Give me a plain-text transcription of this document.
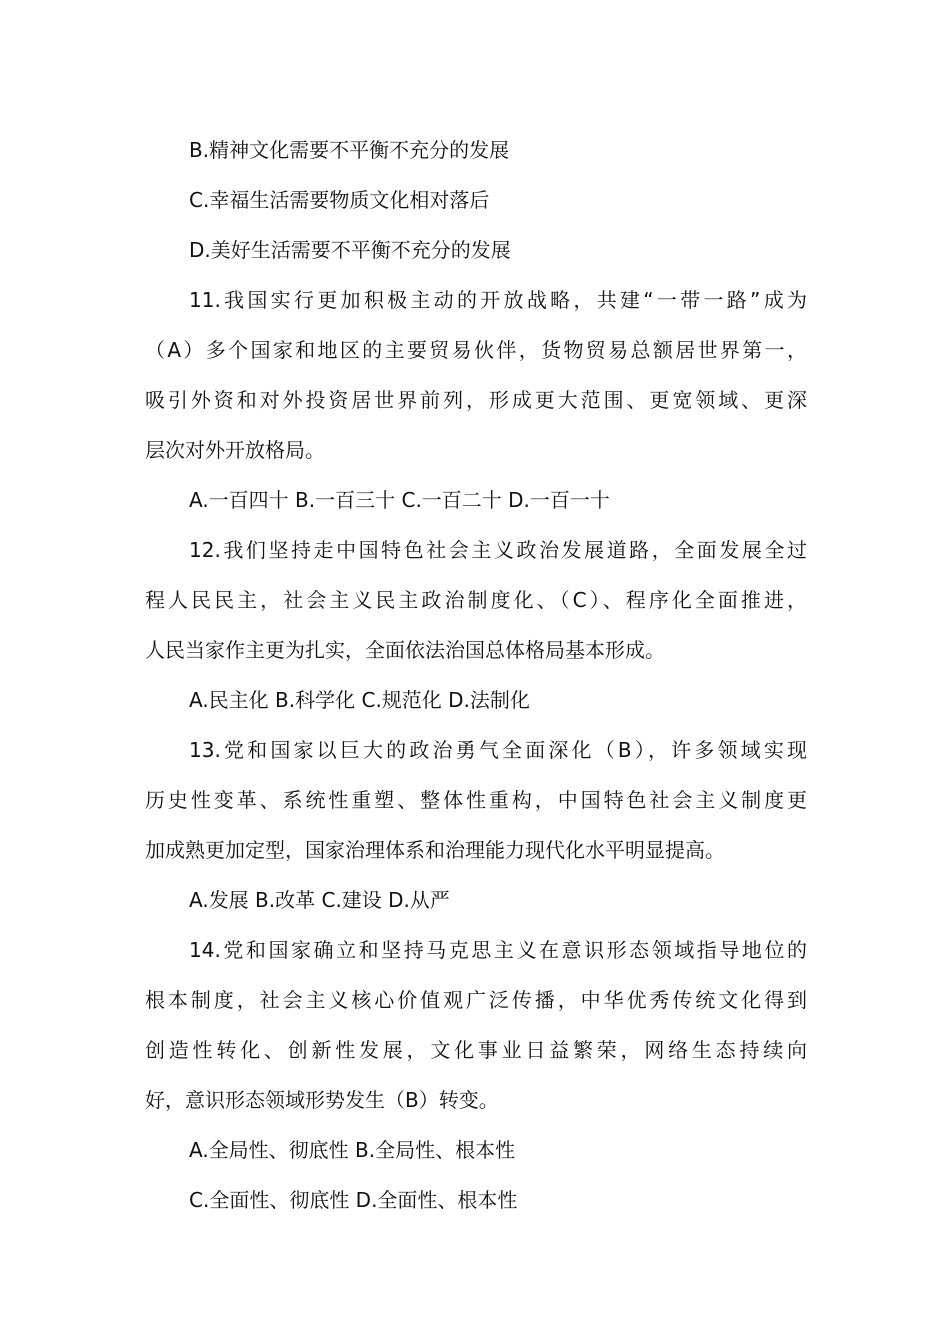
B.精神文化需要不平衡不充分的发展
C.幸福生活需要物质文化相对落后
D.美好生活需要不平衡不充分的发展
11.我国实行更加积极主动的开放战略，共建“一带一路”成为
（A）多个国家和地区的主要贸易伙伴，货物贸易总额居世界第一，
吸引外资和对外投资居世界前列，形成更大范围、更宽领域、更深
层次对外开放格局。
A.一百四十 B.一百三十 C.一百二十 D.一百一十
12.我们坚持走中国特色社会主义政治发展道路，全面发展全过
程人民民主，社会主义民主政治制度化、（C）、程序化全面推进，
人民当家作主更为扎实，全面依法治国总体格局基本形成。
A.民主化 B.科学化 C.规范化 D.法制化
13.党和国家以巨大的政治勇气全面深化（B），许多领域实现
历史性变革、系统性重塑、整体性重构，中国特色社会主义制度更
加成熟更加定型，国家治理体系和治理能力现代化水平明显提高。
A.发展 B.改革 C.建设 D.从严
14.党和国家确立和坚持马克思主义在意识形态领域指导地位的
根本制度，社会主义核心价值观广泛传播，中华优秀传统文化得到
创造性转化、创新性发展，文化事业日益繁荣，网络生态持续向
好，意识形态领域形势发生（B）转变。
A.全局性、彻底性 B.全局性、根本性
C.全面性、彻底性 D.全面性、根本性
